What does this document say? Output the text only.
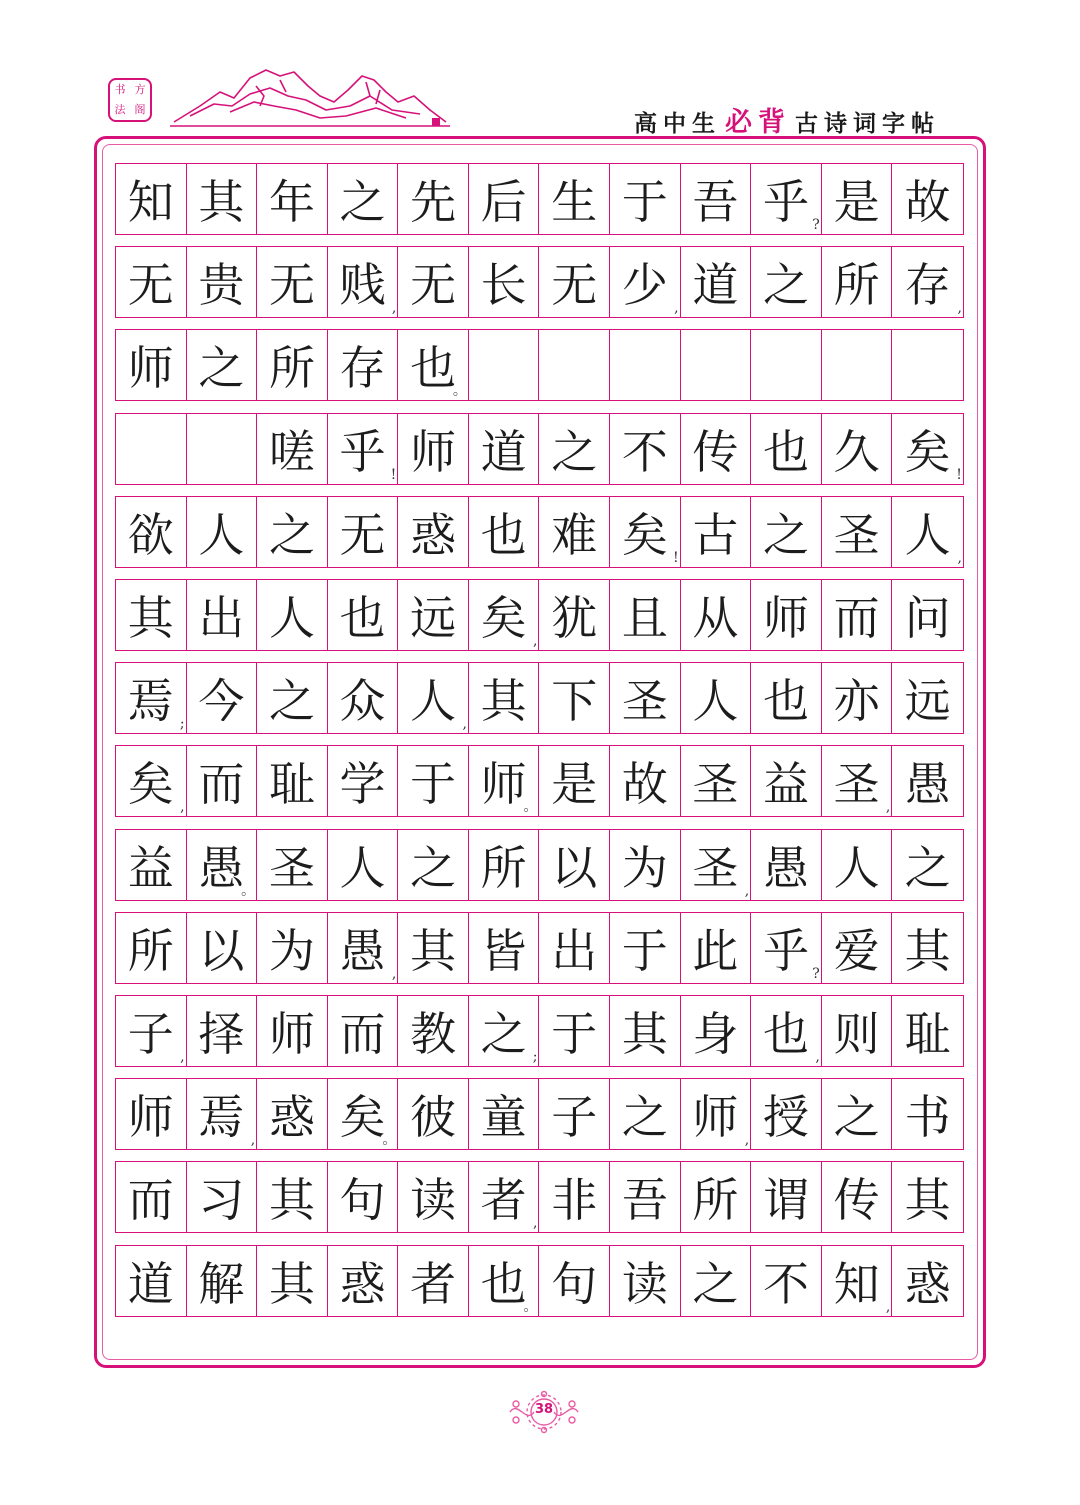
书 方
法 阁
高中生 必背 古诗词字帖
知 其 年 之 先 后 生 于 吾 乎 ? 是 故
无 贵 无 贱 , 无 长 无 少 , 道 之 所 存 ,
师 之 所 存 也
。
嗟 乎 ! 师 道 之 不 传 也 久 矣 !
欲 人 之 无 惑 也 难 矣 ! 古 之 圣 人 ,
其 出 人 也 远 矣 , 犹 且 从 师 而 问
焉 ; 今 之 众 人 , 其 下 圣 人 也 亦 远
矣 , 而 耻 学 于 师
。 是 故 圣 益 圣 , 愚
益 愚
。 圣 人 之 所 以 为 圣 , 愚 人 之
所 以 为 愚 , 其 皆 出 于 此 乎 ? 爱 其
子 , 择 师 而 教 之 ; 于 其 身 也 , 则 耻
师 焉 , 惑 矣
。 彼 童 子 之 师 , 授 之 书
而 习 其 句 读 者 , 非 吾 所 谓 传 其
道 解 其 惑 者 也
。 句 读 之 不 知 , 惑
38
